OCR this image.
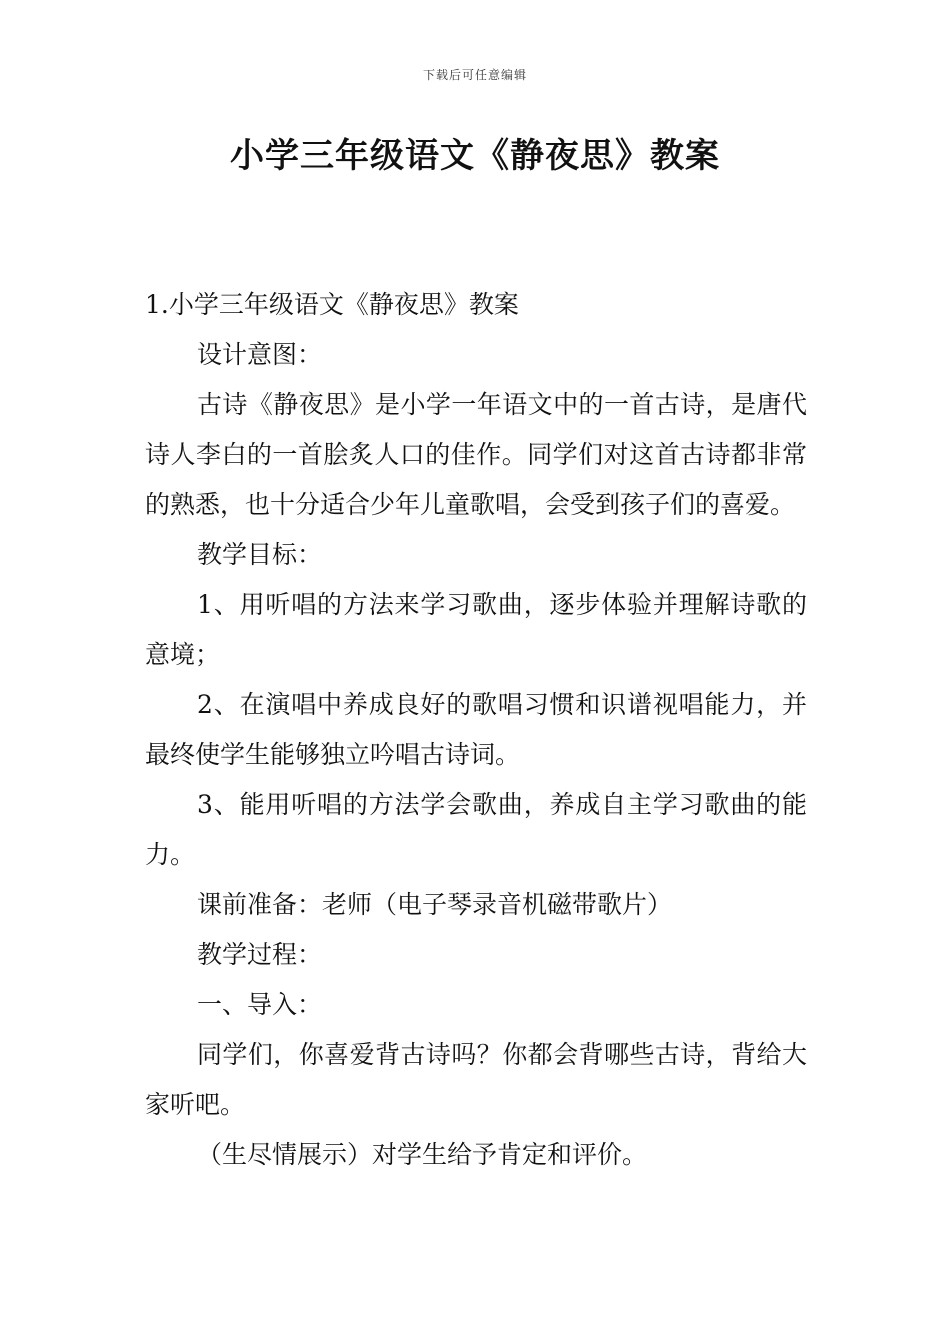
下载后可任意编辑
小学三年级语文《静夜思》教案

1.小学三年级语文《静夜思》教案

设计意图：

古诗《静夜思》是小学一年语文中的一首古诗，是唐代诗人李白的一首脍炙人口的佳作。同学们对这首古诗都非常的熟悉，也十分适合少年儿童歌唱，会受到孩子们的喜爱。

教学目标：

1、用听唱的方法来学习歌曲，逐步体验并理解诗歌的意境；

2、在演唱中养成良好的歌唱习惯和识谱视唱能力，并最终使学生能够独立吟唱古诗词。

3、能用听唱的方法学会歌曲，养成自主学习歌曲的能力。

课前准备：老师（电子琴录音机磁带歌片）

教学过程：

一、导入：

同学们，你喜爱背古诗吗？你都会背哪些古诗，背给大家听吧。

（生尽情展示）对学生给予肯定和评价。
